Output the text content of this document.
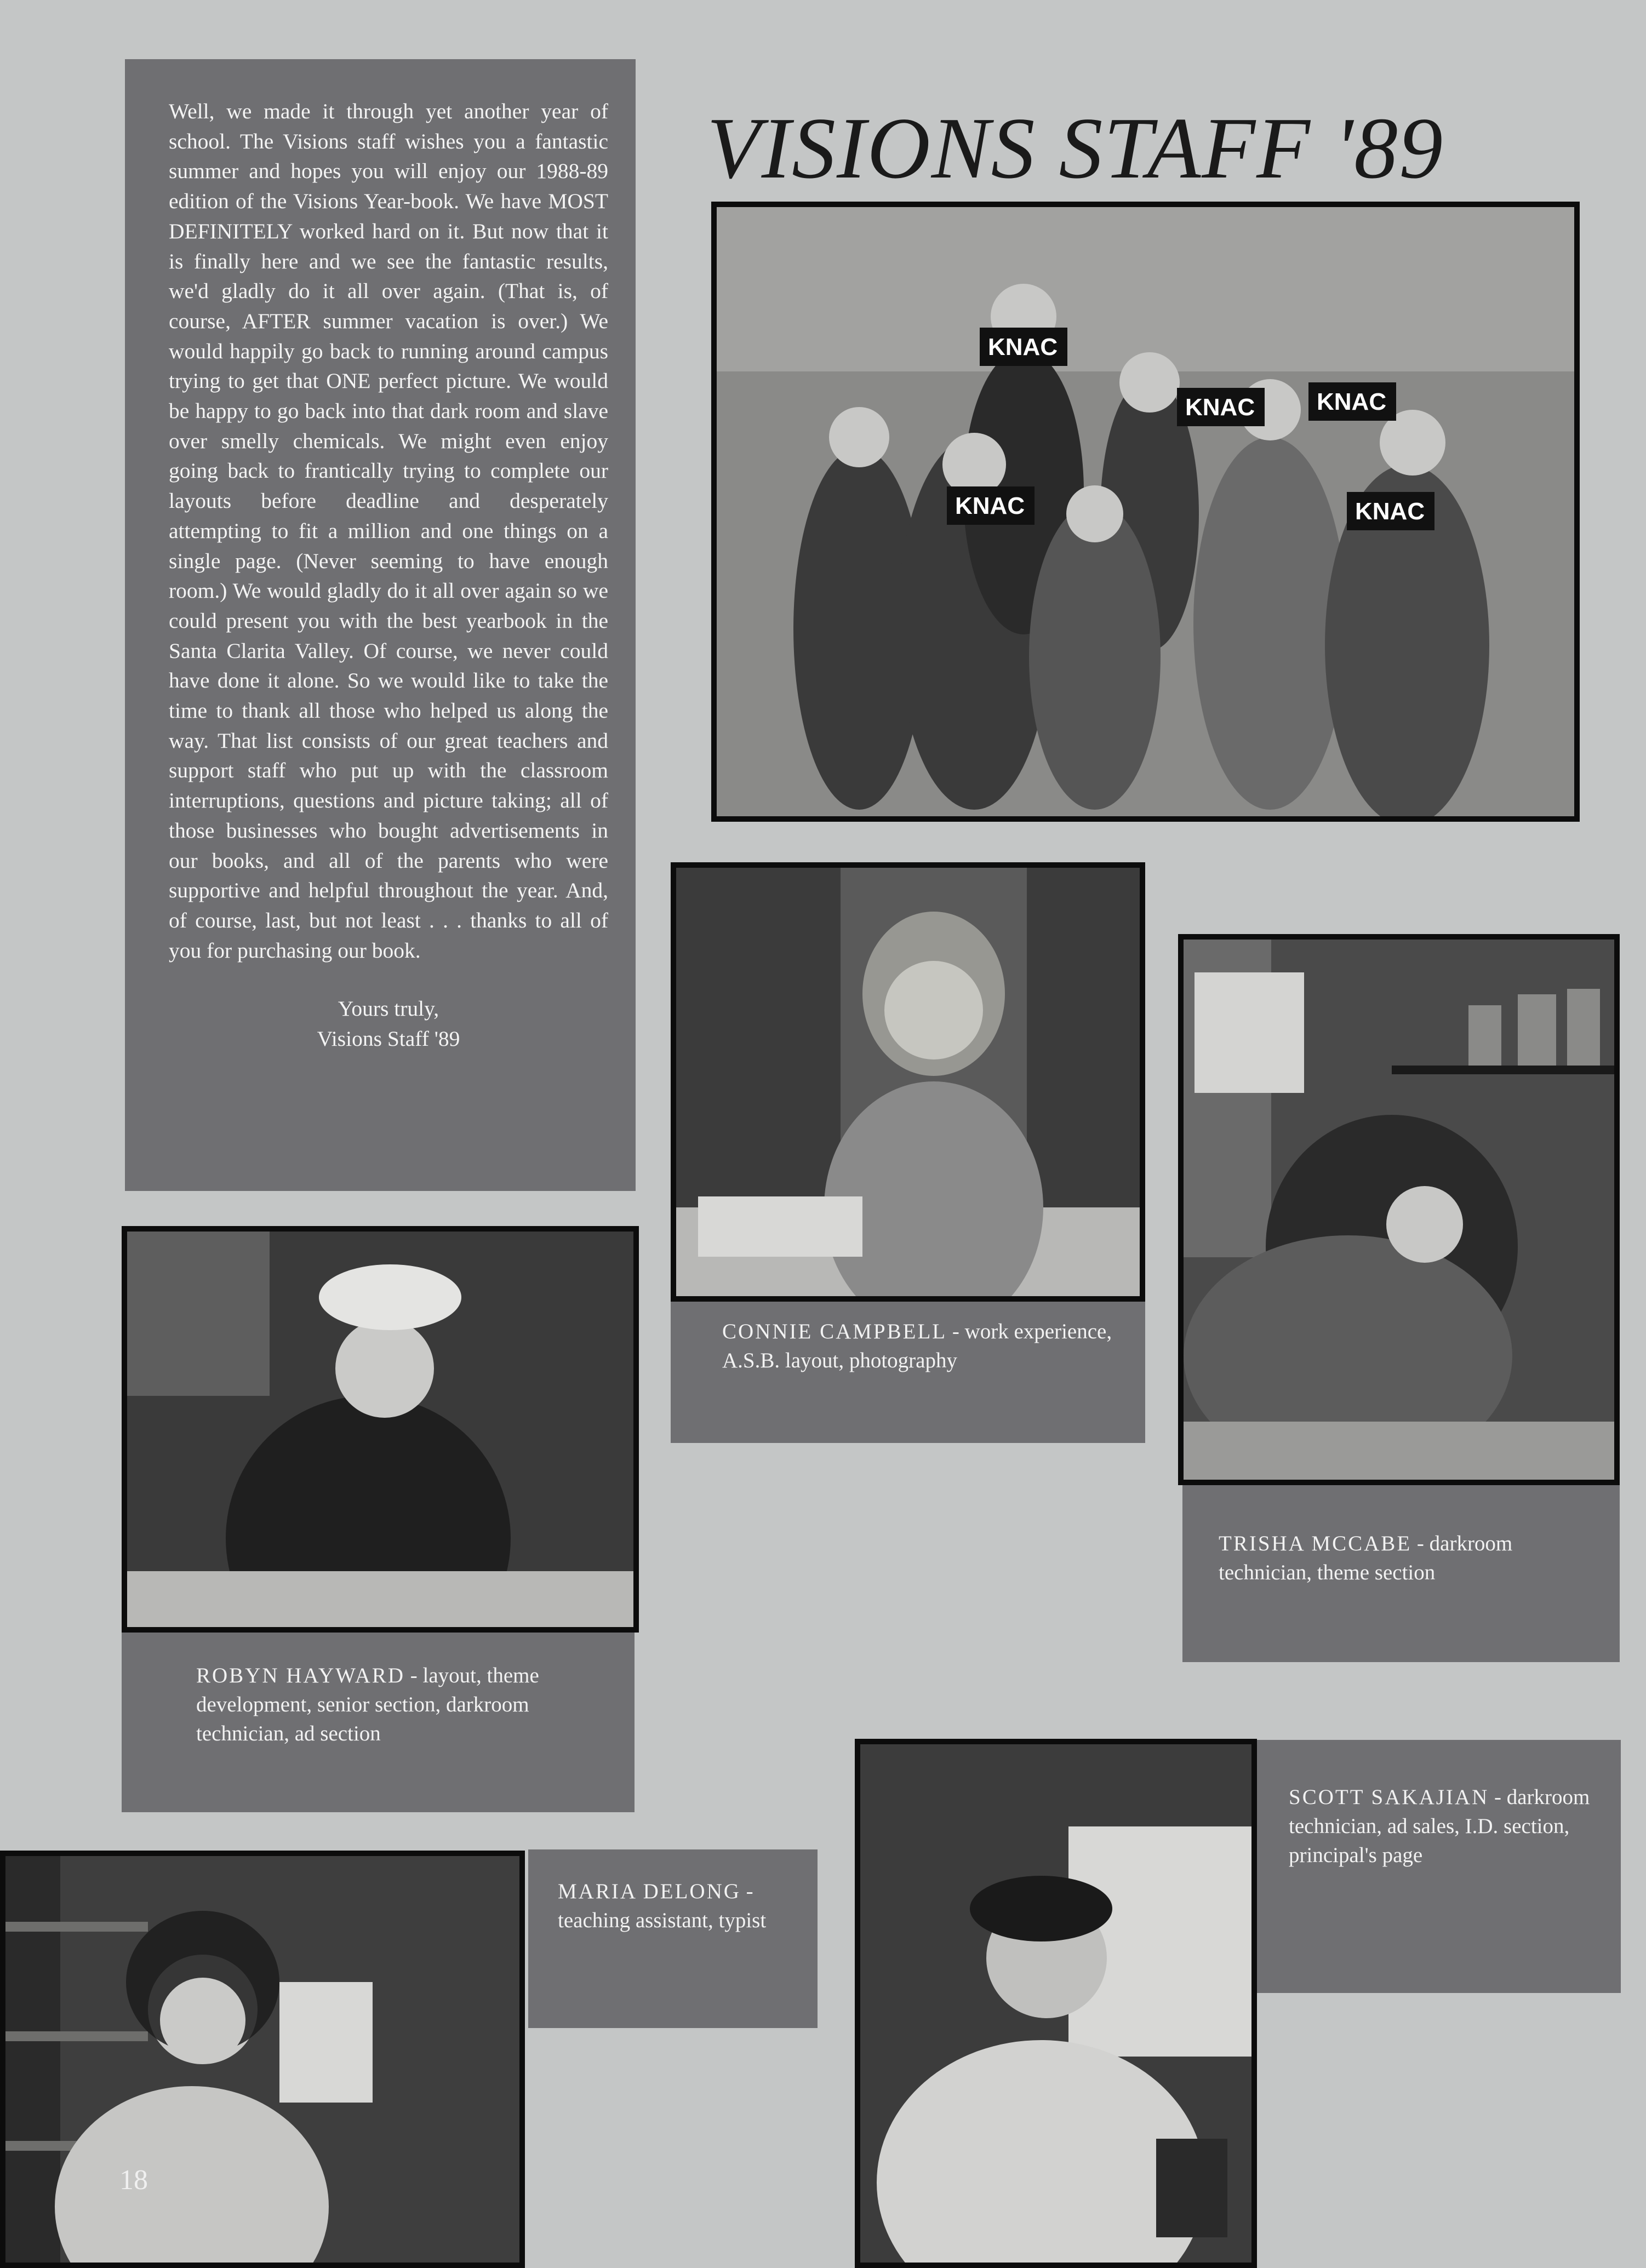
Well, we made it through yet another year of school. The Visions staff wishes you a fantastic summer and hopes you will enjoy our 1988-89 edition of the Visions Year-book. We have MOST DEFINITELY worked hard on it. But now that it is finally here and we see the fantastic results, we'd gladly do it all over again. (That is, of course, AFTER summer vacation is over.) We would happily go back to running around campus trying to get that ONE perfect picture. We would be happy to go back into that dark room and slave over smelly chemicals. We might even enjoy going back to frantically trying to complete our layouts before deadline and desperately attempting to fit a million and one things on a single page. (Never seeming to have enough room.) We would gladly do it all over again so we could present you with the best yearbook in the Santa Clarita Valley. Of course, we never could have done it alone. So we would like to take the time to thank all those who helped us along the way. That list consists of our great teachers and support staff who put up with the classroom interruptions, questions and picture taking; all of those businesses who bought advertisements in our books, and all of the parents who were supportive and helpful throughout the year. And, of course, last, but not least . . . thanks to all of you for purchasing our book.

Yours truly,
Visions Staff '89
VISIONS STAFF '89
KNAC
KNAC	KNAC
KNAC	KNAC
CONNIE CAMPBELL - work experience, A.S.B. layout, photography
TRISHA MCCABE - darkroom technician, theme section
ROBYN HAYWARD - layout, theme development, senior section, darkroom technician, ad section
SCOTT SAKAJIAN - darkroom technician, ad sales, I.D. section, principal's page
MARIA DELONG - teaching assistant, typist
18
